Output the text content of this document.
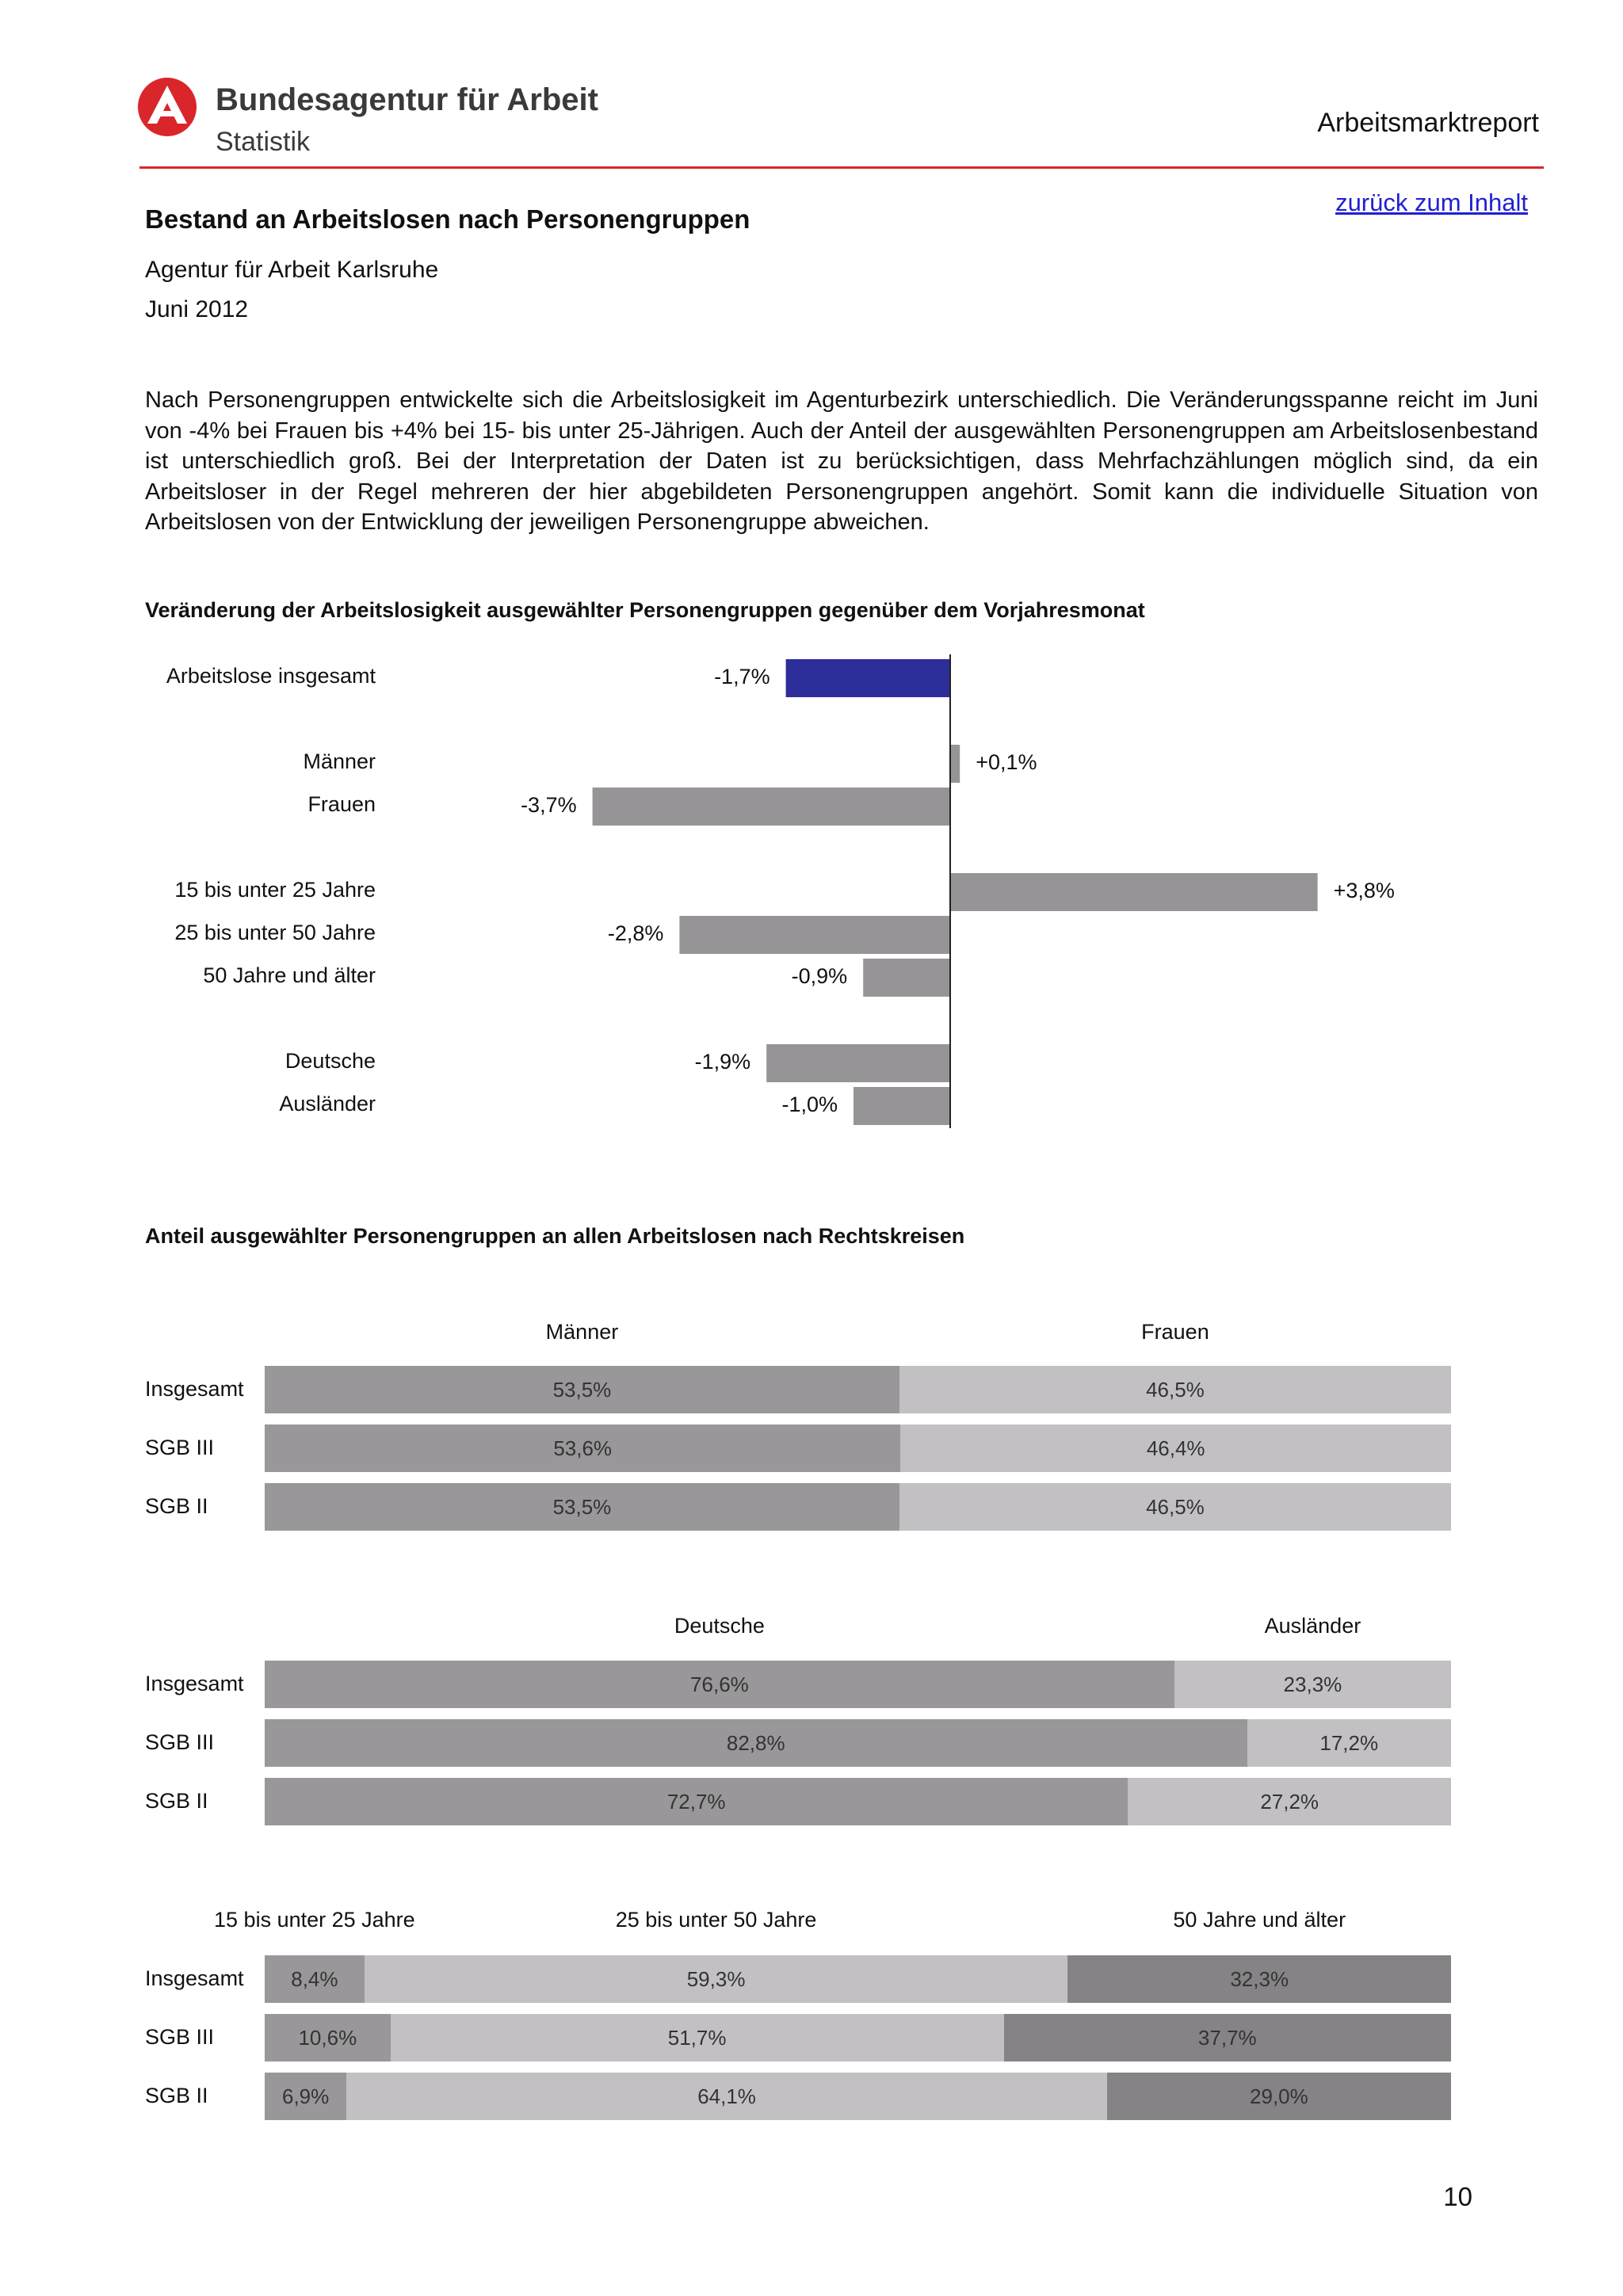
Bundesagentur für Arbeit
Statistik
Arbeitsmarktreport
zurück zum Inhalt
Bestand an Arbeitslosen nach Personengruppen
Agentur für Arbeit Karlsruhe
Juni 2012
Nach Personengruppen entwickelte sich die Arbeitslosigkeit im Agenturbezirk unterschiedlich. Die Veränderungsspanne reicht im Juni von -4% bei Frauen bis +4% bei 15- bis unter 25-Jährigen. Auch der Anteil der ausgewählten Personengruppen am Arbeitslosenbestand ist unterschiedlich groß. Bei der Interpretation der Daten ist zu berücksichtigen, dass Mehrfachzählungen möglich sind, da ein Arbeitsloser in der Regel mehreren der hier abgebildeten Personengruppen angehört. Somit kann die individuelle Situation von Arbeitslosen von der Entwicklung der jeweiligen Personengruppe abweichen.
Veränderung der Arbeitslosigkeit ausgewählter Personengruppen gegenüber dem Vorjahresmonat
Arbeitslose insgesamt	-1,7%
Männer	+0,1%
Frauen	-3,7%
15 bis unter 25 Jahre	+3,8%
25 bis unter 50 Jahre	-2,8%
50 Jahre und älter	-0,9%
Deutsche	-1,9%
Ausländer	-1,0%
Anteil ausgewählter Personengruppen an allen Arbeitslosen nach Rechtskreisen
Männer	Frauen
Insgesamt	53,5%	46,5%
SGB III	53,6%	46,4%
SGB II	53,5%	46,5%
Deutsche	Ausländer
Insgesamt	76,6%	23,3%
SGB III	82,8%	17,2%
SGB II	72,7%	27,2%
15 bis unter 25 Jahre	25 bis unter 50 Jahre	50 Jahre und älter
Insgesamt	8,4%	59,3%	32,3%
SGB III	10,6%	51,7%	37,7%
SGB II	6,9%	64,1%	29,0%
10
